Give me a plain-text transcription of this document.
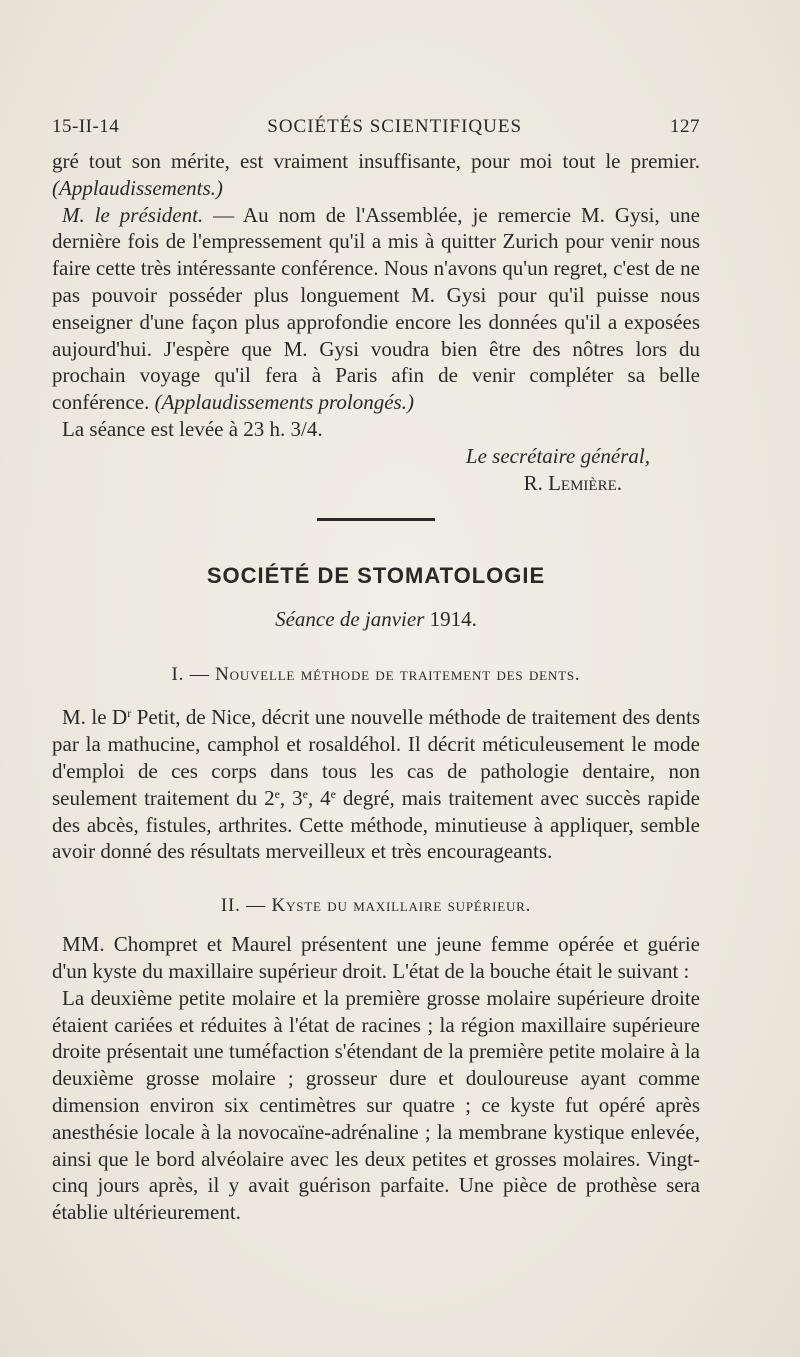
15-II-14	SOCIÉTÉS SCIENTIFIQUES	127

gré tout son mérite, est vraiment insuffisante, pour moi tout le premier. (Applaudissements.)

M. le président. — Au nom de l'Assemblée, je remercie M. Gysi, une dernière fois de l'empressement qu'il a mis à quitter Zurich pour venir nous faire cette très intéressante conférence. Nous n'avons qu'un regret, c'est de ne pas pouvoir posséder plus longuement M. Gysi pour qu'il puisse nous enseigner d'une façon plus approfondie encore les données qu'il a exposées aujourd'hui. J'espère que M. Gysi voudra bien être des nôtres lors du prochain voyage qu'il fera à Paris afin de venir compléter sa belle conférence. (Applaudissements prolongés.)

La séance est levée à 23 h. 3/4.

Le secrétaire général,
R. Lemière.
SOCIÉTÉ DE STOMATOLOGIE
Séance de janvier 1914.
I. — Nouvelle méthode de traitement des dents.

M. le $D^r$ Petit, de Nice, décrit une nouvelle méthode de traitement des dents par la mathucine, camphol et rosaldéhol. Il décrit méticuleusement le mode d'emploi de ces corps dans tous les cas de pathologie dentaire, non seulement traitement du 2e, 3e, 4e degré, mais traitement avec succès rapide des abcès, fistules, arthrites. Cette méthode, minutieuse à appliquer, semble avoir donné des résultats merveilleux et très encourageants.

II. — Kyste du maxillaire supérieur.

MM. Chompret et Maurel présentent une jeune femme opérée et guérie d'un kyste du maxillaire supérieur droit. L'état de la bouche était le suivant :

La deuxième petite molaire et la première grosse molaire supérieure droite étaient cariées et réduites à l'état de racines ; la région maxillaire supérieure droite présentait une tuméfaction s'étendant de la première petite molaire à la deuxième grosse molaire ; grosseur dure et douloureuse ayant comme dimension environ six centimètres sur quatre ; ce kyste fut opéré après anesthésie locale à la novocaïne-adrénaline ; la membrane kystique enlevée, ainsi que le bord alvéolaire avec les deux petites et grosses molaires. Vingt-cinq jours après, il y avait guérison parfaite. Une pièce de prothèse sera établie ultérieurement.
